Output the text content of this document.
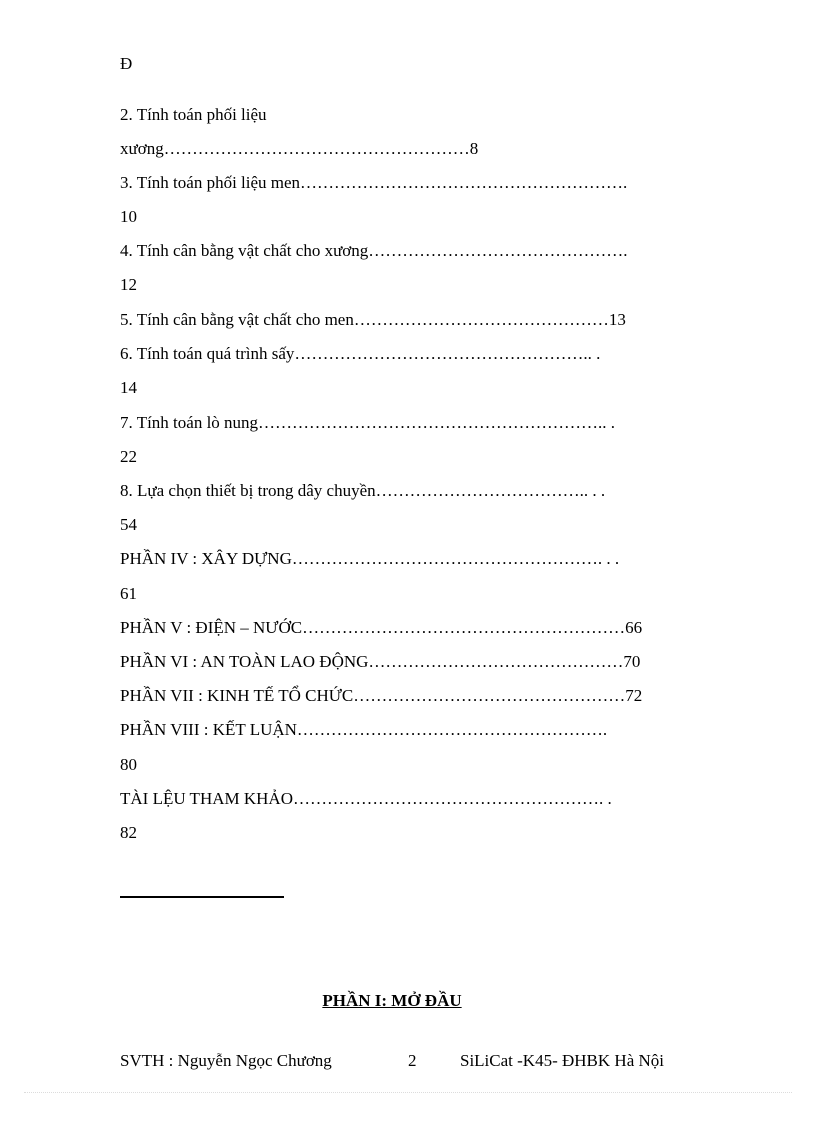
Đ
2. Tính toán phối liệu
xương………………………………………………8
3. Tính toán phối liệu men………………………………………………….
10
4. Tính cân bằng vật chất cho xương……………………………………….
12
5. Tính cân bằng vật chất cho men………………………………………13
6. Tính toán quá trình sấy…………………………………………….. .
14
7. Tính toán lò nung…………………………………………………….. .
22
8. Lựa chọn thiết bị trong dây chuyền……………………………….. . .
54
PHẦN IV : XÂY DỰNG………………………………………………. . .
61
PHẦN V : ĐIỆN – NƯỚC…………………………………………………66
PHẦN VI : AN TOÀN LAO ĐỘNG………………………………………70
PHẦN VII : KINH TẾ TỔ CHỨC…………………………………………72
PHẦN VIII : KẾT LUẬN……………………………………………….
80
TÀI LỆU THAM KHẢO………………………………………………. .
82
PHẦN I: MỞ ĐẦU
SVTH : Nguyễn Ngọc Chương	2	SiLiCat -K45- ĐHBK Hà Nội
